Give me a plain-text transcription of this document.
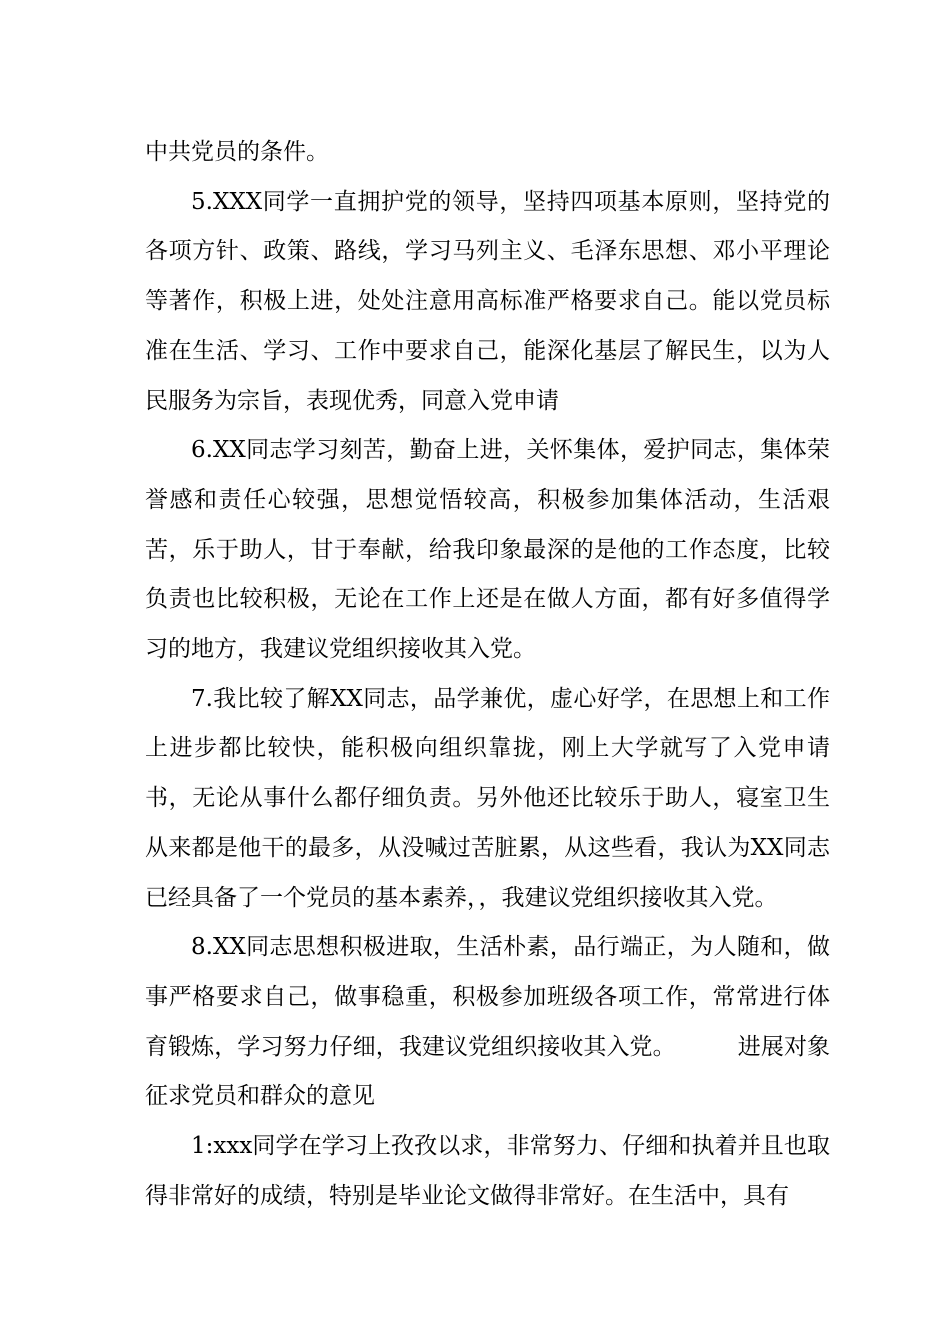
中共党员的条件。

5.XXX同学一直拥护党的领导，坚持四项基本原则，坚持党的各项方针、政策、路线，学习马列主义、毛泽东思想、邓小平理论等著作，积极上进，处处注意用高标准严格要求自己。能以党员标准在生活、学习、工作中要求自己，能深化基层了解民生，以为人民服务为宗旨，表现优秀，同意入党申请

6.XX同志学习刻苦，勤奋上进，关怀集体，爱护同志，集体荣誉感和责任心较强，思想觉悟较高，积极参加集体活动，生活艰苦，乐于助人，甘于奉献，给我印象最深的是他的工作态度，比较负责也比较积极，无论在工作上还是在做人方面，都有好多值得学习的地方，我建议党组织接收其入党。

7.我比较了解XX同志，品学兼优，虚心好学，在思想上和工作上进步都比较快，能积极向组织靠拢，刚上大学就写了入党申请书，无论从事什么都仔细负责。另外他还比较乐于助人，寝室卫生从来都是他干的最多，从没喊过苦脏累，从这些看，我认为XX同志已经具备了一个党员的基本素养，，我建议党组织接收其入党。

8.XX同志思想积极进取，生活朴素，品行端正，为人随和，做事严格要求自己，做事稳重，积极参加班级各项工作，常常进行体育锻炼，学习努力仔细，我建议党组织接收其入党。	进展对象征求党员和群众的意见

1:xxx同学在学习上孜孜以求，非常努力、仔细和执着并且也取得非常好的成绩，特别是毕业论文做得非常好。在生活中，具有
